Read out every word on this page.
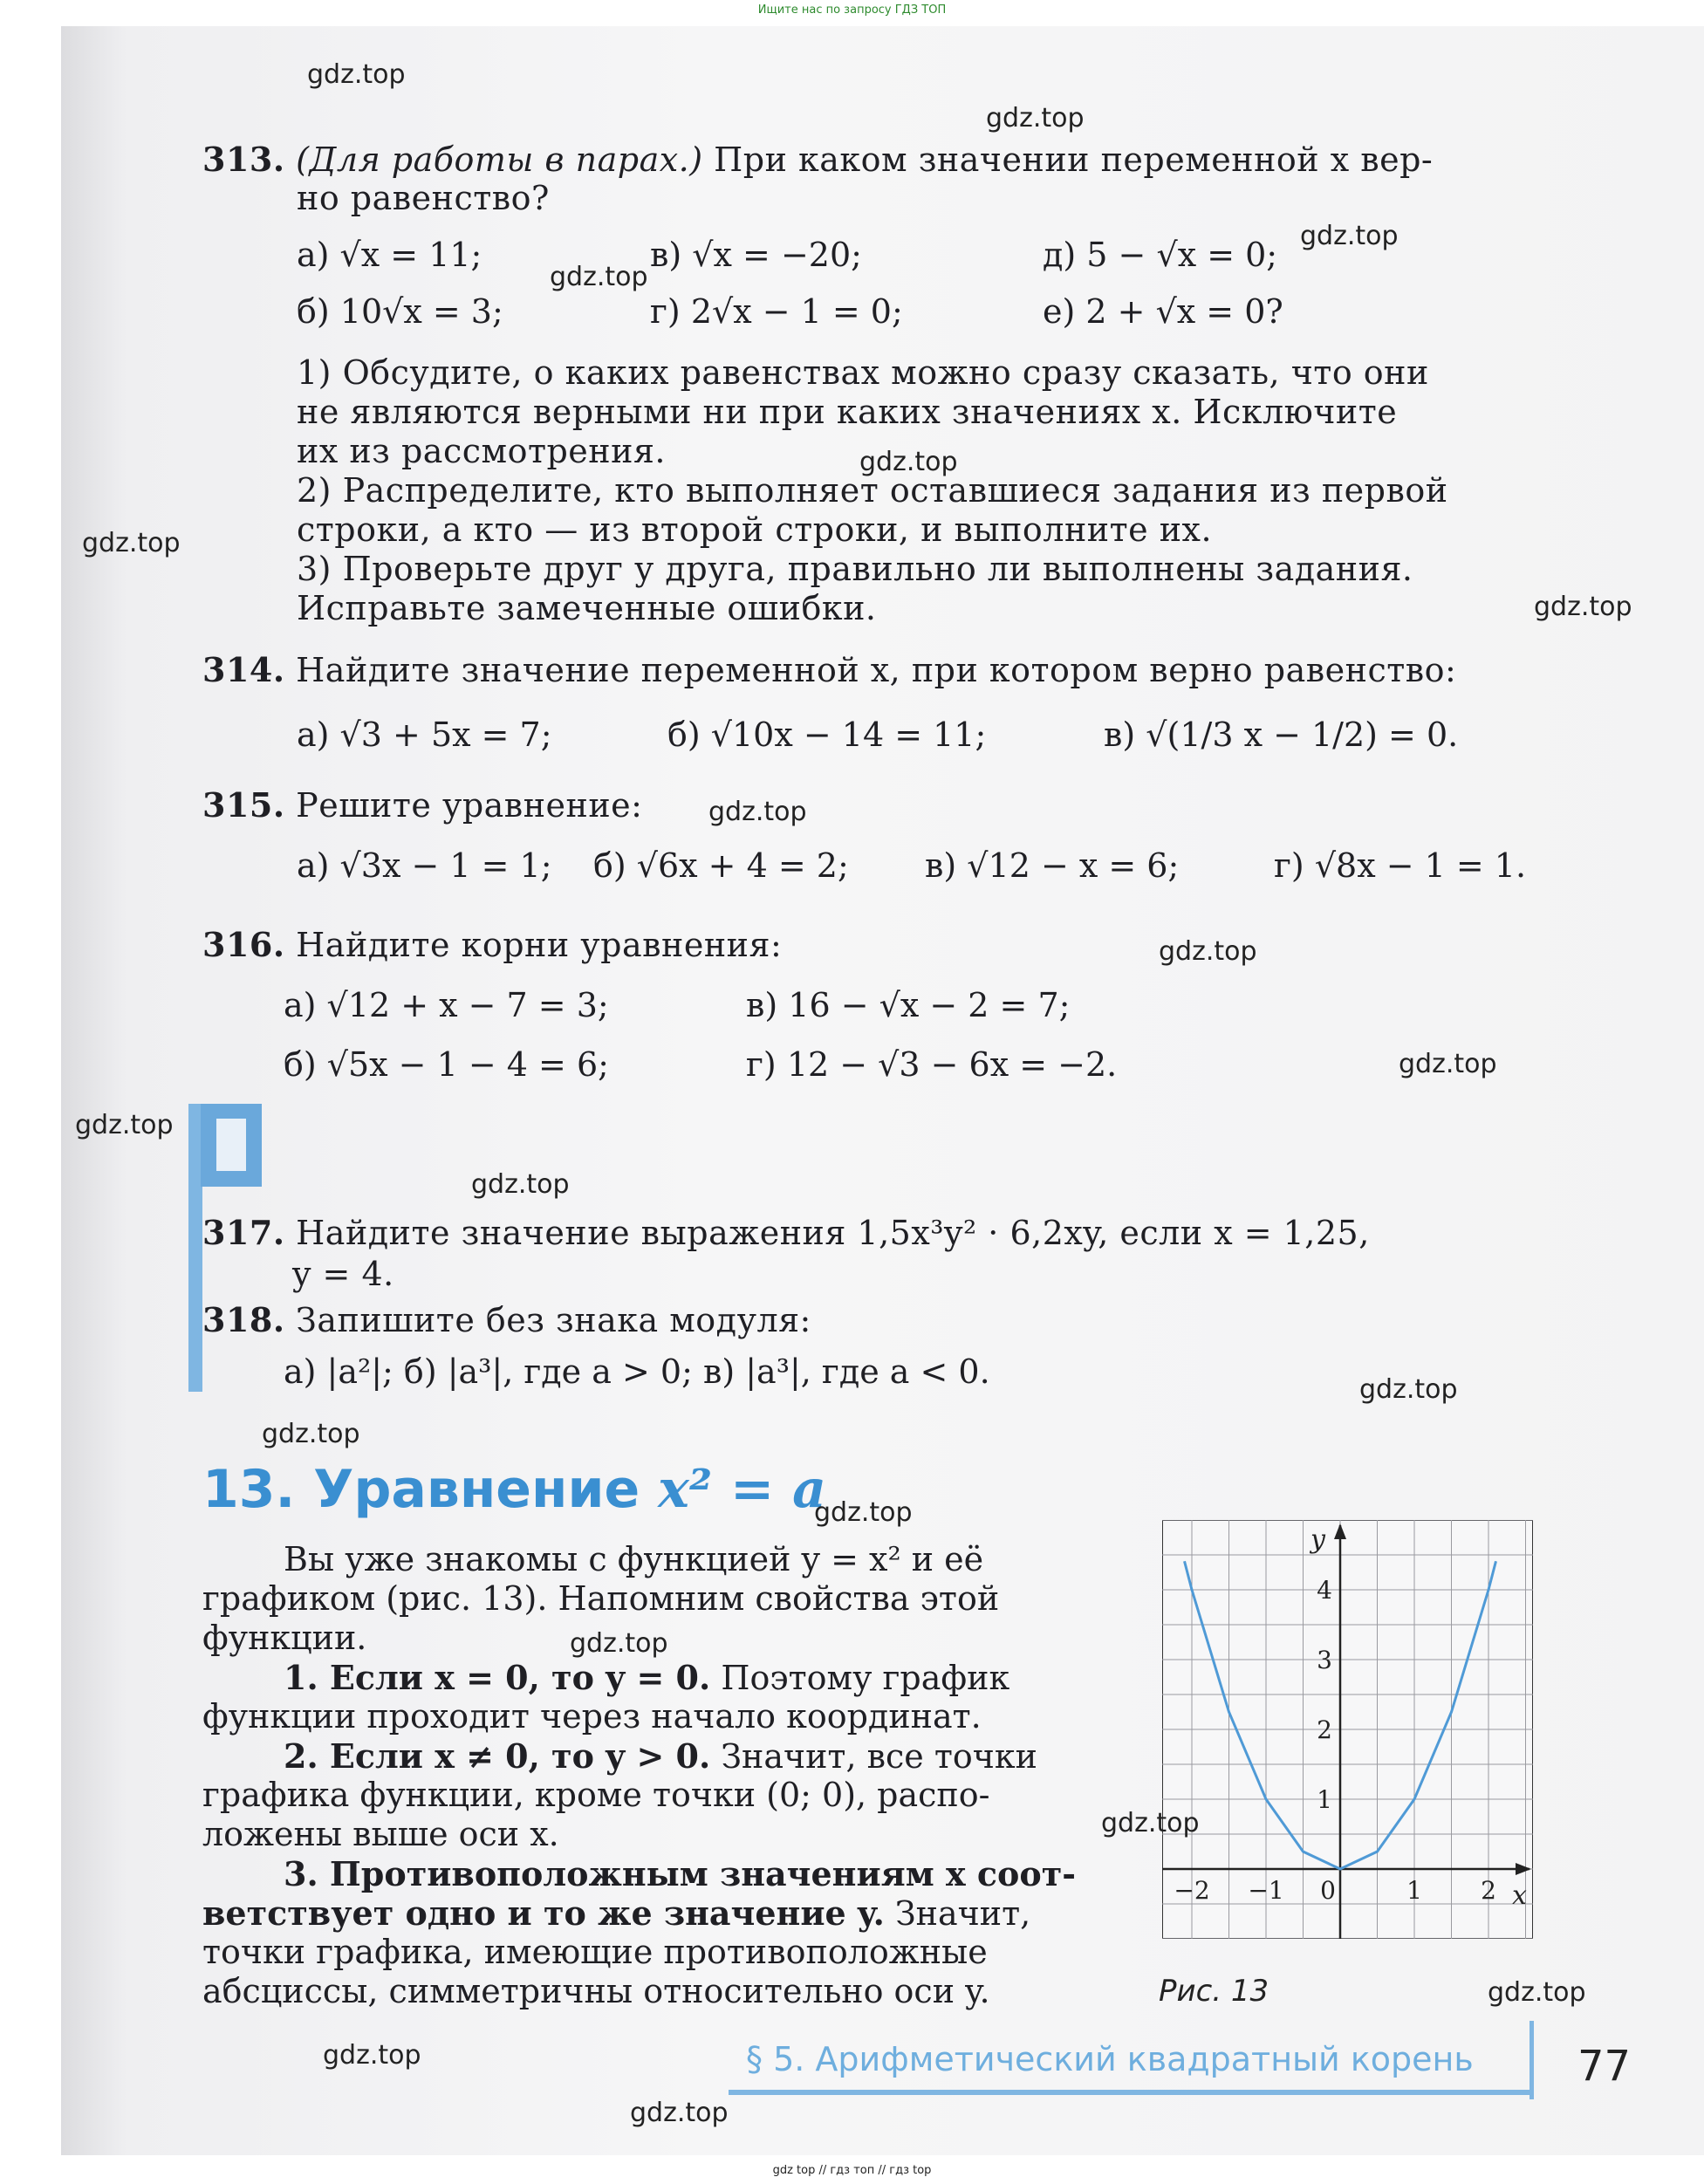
Ищите нас по запросу ГДЗ ТОП
313. (Для работы в парах.) При каком значении переменной x вер-
но равенство?
а) √x = 11;	в) √x = −20;	д) 5 − √x = 0;
б) 10√x = 3;	г) 2√x − 1 = 0;	е) 2 + √x = 0?
1) Обсудите, о каких равенствах можно сразу сказать, что они
не являются верными ни при каких значениях x. Исключите
их из рассмотрения.
2) Распределите, кто выполняет оставшиеся задания из первой
строки, а кто — из второй строки, и выполните их.
3) Проверьте друг у друга, правильно ли выполнены задания.
Исправьте замеченные ошибки.
314. Найдите значение переменной x, при котором верно равенство:
а) √3 + 5x = 7;	б) √10x − 14 = 11;	в) √(1/3 x − 1/2) = 0.
315. Решите уравнение:
а) √3x − 1 = 1; б) √6x + 4 = 2; в) √12 − x = 6;	г) √8x − 1 = 1.
316. Найдите корни уравнения:
а) √12 + x − 7 = 3;	в) 16 − √x − 2 = 7;
б) √5x − 1 − 4 = 6;	г) 12 − √3 − 6x = −2.
317. Найдите значение выражения 1,5x³y² · 6,2xy, если x = 1,25,
y = 4.
318. Запишите без знака модуля:
а) |a²|; б) |a³|, где a > 0; в) |a³|, где a < 0.
13. Уравнение x² = a
Вы уже знакомы с функцией y = x² и её
графиком (рис. 13). Напомним свойства этой
функции.
1. Если x = 0, то y = 0. Поэтому график
функции проходит через начало координат.
2. Если x ≠ 0, то y > 0. Значит, все точки
графика функции, кроме точки (0; 0), распо-
ложены выше оси x.
3. Противоположным значениям x соот-
ветствует одно и то же значение y. Значит,
точки графика, имеющие противоположные
абсциссы, симметричны относительно оси y.
1
2
3
4
−2 −1 0	1 2
y
x
Рис. 13
§ 5. Арифметический квадратный корень 77
gdz.top
gdz.top
gdz.top
gdz.top
gdz.top
gdz.top
gdz.top
gdz.top
gdz.top
gdz.top
gdz.top
gdz.top
gdz.top
gdz.top
gdz.top
gdz.top
gdz.top
gdz.top
gdz.top
gdz.top
gdz top // гдз топ // гдз top
